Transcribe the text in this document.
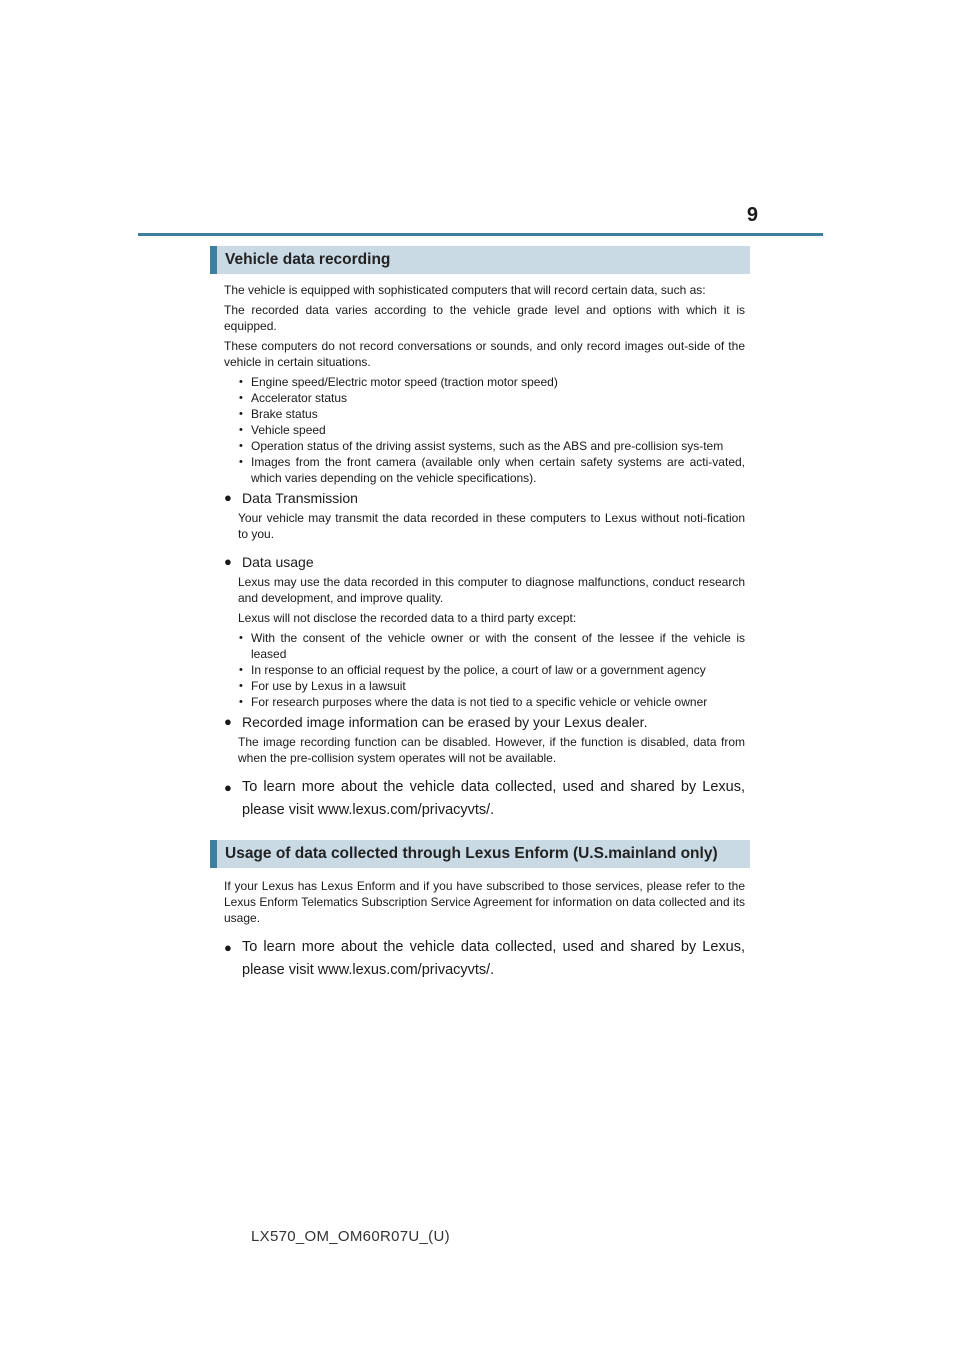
9
Vehicle data recording

The vehicle is equipped with sophisticated computers that will record certain data, such as:

The recorded data varies according to the vehicle grade level and options with which it is equipped.

These computers do not record conversations or sounds, and only record images out-side of the vehicle in certain situations.

• Engine speed/Electric motor speed (traction motor speed)
• Accelerator status
• Brake status
• Vehicle speed
• Operation status of the driving assist systems, such as the ABS and pre-collision sys-tem
• Images from the front camera (available only when certain safety systems are acti-vated, which varies depending on the vehicle specifications).
● Data Transmission

Your vehicle may transmit the data recorded in these computers to Lexus without noti-fication to you.

● Data usage

Lexus may use the data recorded in this computer to diagnose malfunctions, conduct research and development, and improve quality.

Lexus will not disclose the recorded data to a third party except:

• With the consent of the vehicle owner or with the consent of the lessee if the vehicle is leased
• In response to an official request by the police, a court of law or a government agency
• For use by Lexus in a lawsuit
• For research purposes where the data is not tied to a specific vehicle or vehicle owner
● Recorded image information can be erased by your Lexus dealer.

The image recording function can be disabled. However, if the function is disabled, data from when the pre-collision system operates will not be available.

● To learn more about the vehicle data collected, used and shared by Lexus, please visit www.lexus.com/privacyvts/.
Usage of data collected through Lexus Enform (U.S.mainland only)

If your Lexus has Lexus Enform and if you have subscribed to those services, please refer to the Lexus Enform Telematics Subscription Service Agreement for information on data collected and its usage.

● To learn more about the vehicle data collected, used and shared by Lexus, please visit www.lexus.com/privacyvts/.
LX570_OM_OM60R07U_(U)
